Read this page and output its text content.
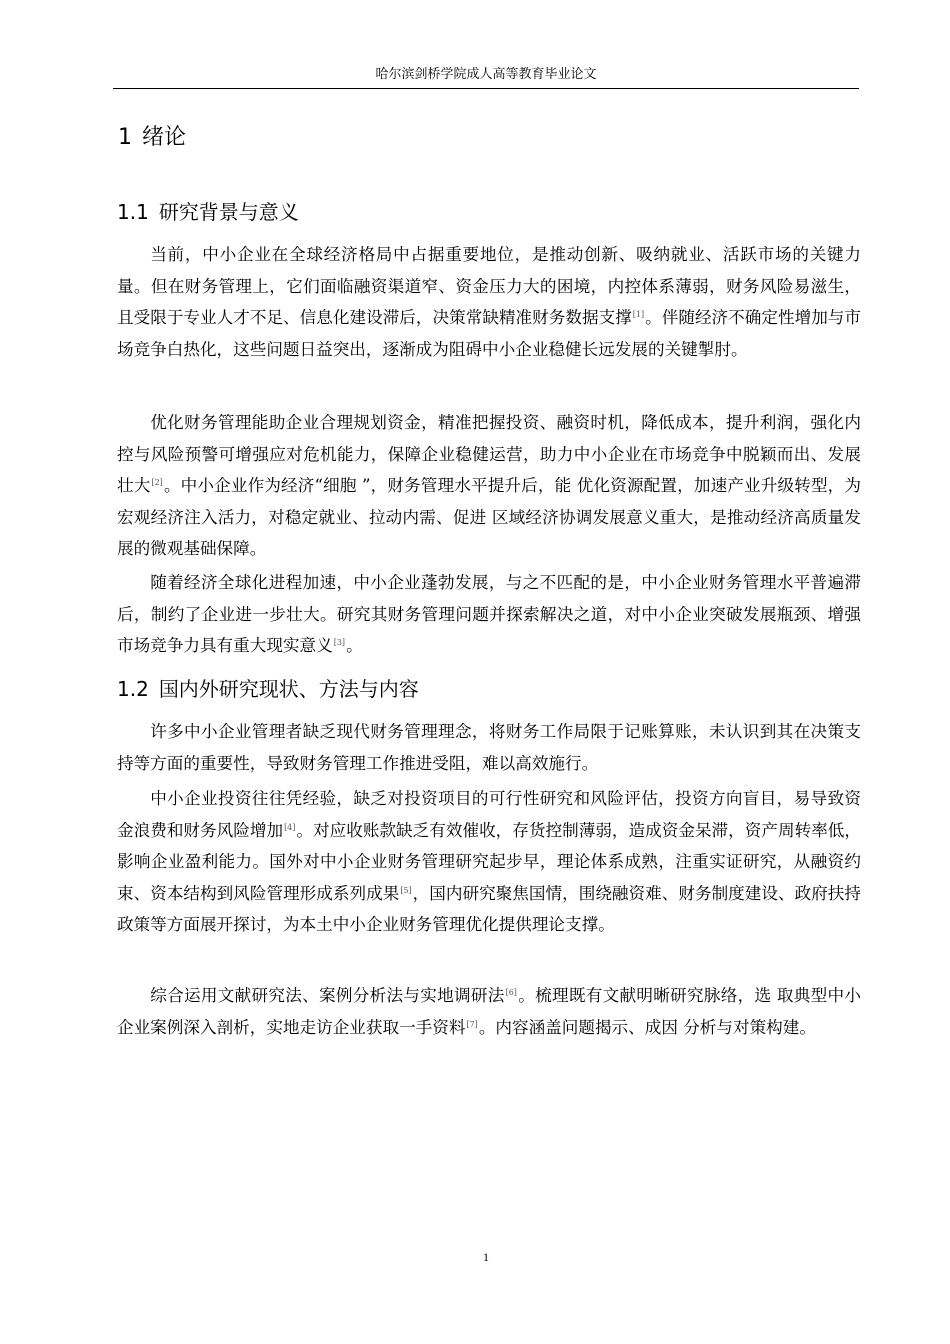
哈尔滨剑桥学院成人高等教育毕业论文
1 绪论
1.1 研究背景与意义

当前，中小企业在全球经济格局中占据重要地位，是推动创新、吸纳就业、活跃市场的关键力量。但在财务管理上，它们面临融资渠道窄、资金压力大的困境，内控体系薄弱，财务风险易滋生，且受限于专业人才不足、信息化建设滞后，决策常缺精准财务数据支撑[1]。伴随经济不确定性增加与市场竞争白热化，这些问题日益突出，逐渐成为阻碍中小企业稳健长远发展的关键掣肘。

优化财务管理能助企业合理规划资金，精准把握投资、融资时机，降低成本，提升利润，强化内控与风险预警可增强应对危机能力，保障企业稳健运营，助力中小企业在市场竞争中脱颖而出、发展壮大[2]。中小企业作为经济“细胞 ”，财务管理水平提升后，能 优化资源配置，加速产业升级转型，为宏观经济注入活力，对稳定就业、拉动内需、促进 区域经济协调发展意义重大，是推动经济高质量发展的微观基础保障。

随着经济全球化进程加速，中小企业蓬勃发展，与之不匹配的是，中小企业财务管理水平普遍滞后，制约了企业进一步壮大。研究其财务管理问题并探索解决之道，对中小企业突破发展瓶颈、增强市场竞争力具有重大现实意义[3]。

1.2 国内外研究现状、方法与内容

许多中小企业管理者缺乏现代财务管理理念，将财务工作局限于记账算账，未认识到其在决策支持等方面的重要性，导致财务管理工作推进受阻，难以高效施行。

中小企业投资往往凭经验，缺乏对投资项目的可行性研究和风险评估，投资方向盲目，易导致资金浪费和财务风险增加[4]。对应收账款缺乏有效催收，存货控制薄弱，造成资金呆滞，资产周转率低，影响企业盈利能力。国外对中小企业财务管理研究起步早，理论体系成熟，注重实证研究，从融资约束、资本结构到风险管理形成系列成果[5]，国内研究聚焦国情，围绕融资难、财务制度建设、政府扶持政策等方面展开探讨，为本土中小企业财务管理优化提供理论支撑。

综合运用文献研究法、案例分析法与实地调研法[6]。梳理既有文献明晰研究脉络，选 取典型中小企业案例深入剖析，实地走访企业获取一手资料[7]。内容涵盖问题揭示、成因 分析与对策构建。

1
